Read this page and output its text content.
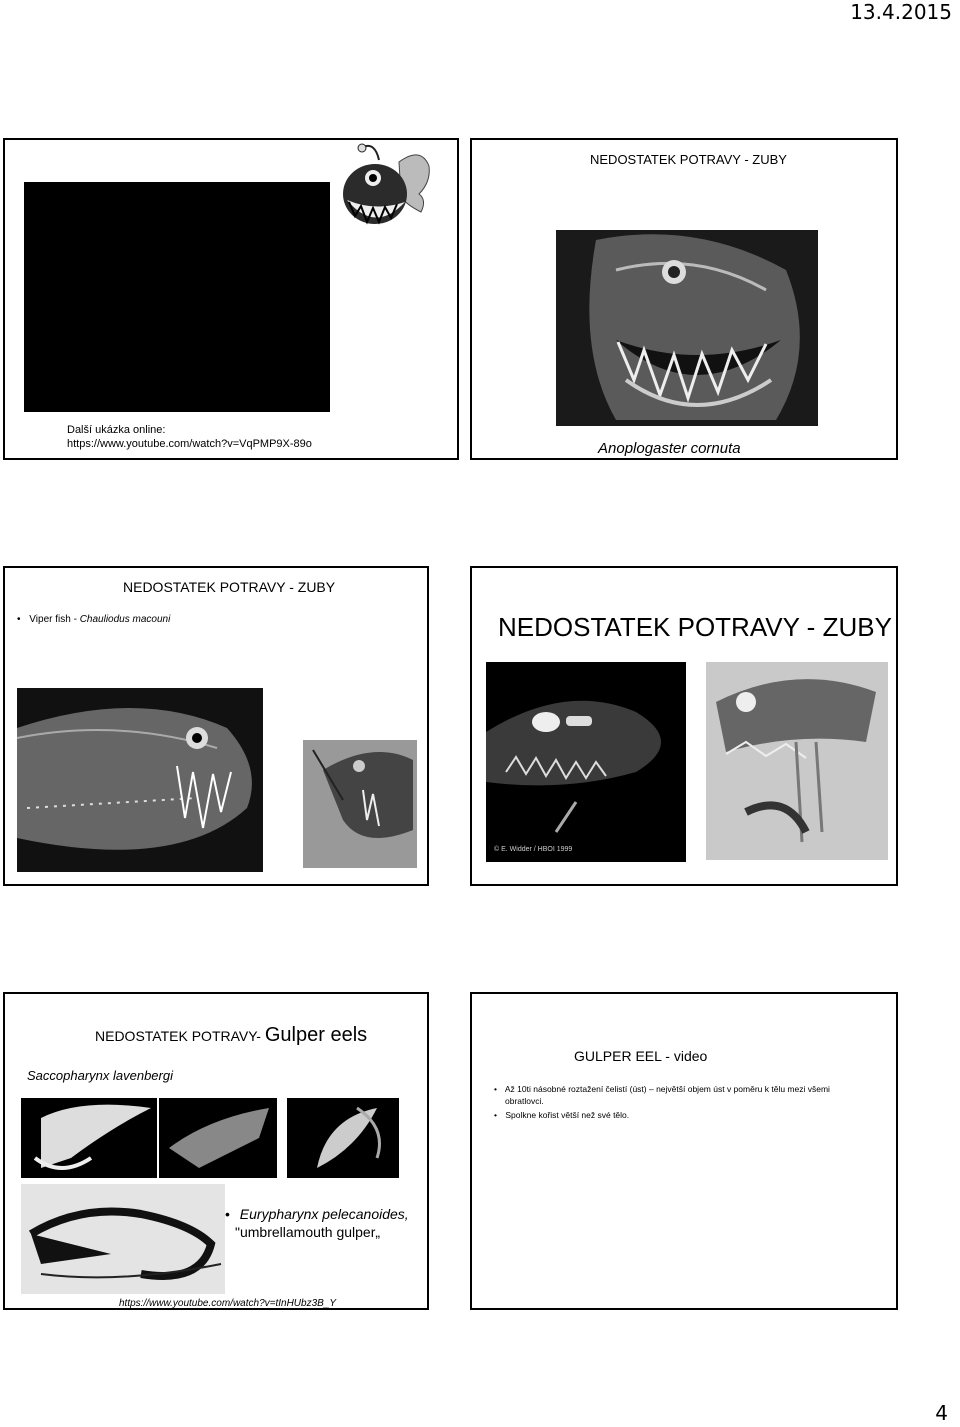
13.4.2015
Další ukázka online:
https://www.youtube.com/watch?v=VqPMP9X-89o
NEDOSTATEK POTRAVY - ZUBY
Anoplogaster cornuta
NEDOSTATEK POTRAVY - ZUBY
• Viper fish - Chauliodus macouni	NEDOSTATEK POTRAVY - ZUBY
© E. Widder / HBOI 1999
NEDOSTATEK POTRAVY- Gulper eels
Saccopharynx lavenbergi
• Eurypharynx pelecanoides,
"umbrellamouth gulper„
https://www.youtube.com/watch?v=tInHUbz3B_Y
GULPER EEL - video
• Až 10ti násobné roztažení čelistí (úst) – největší objem úst v poměru k tělu mezi všemi
obratlovci.
• Spolkne kořist větší než své tělo.
4
